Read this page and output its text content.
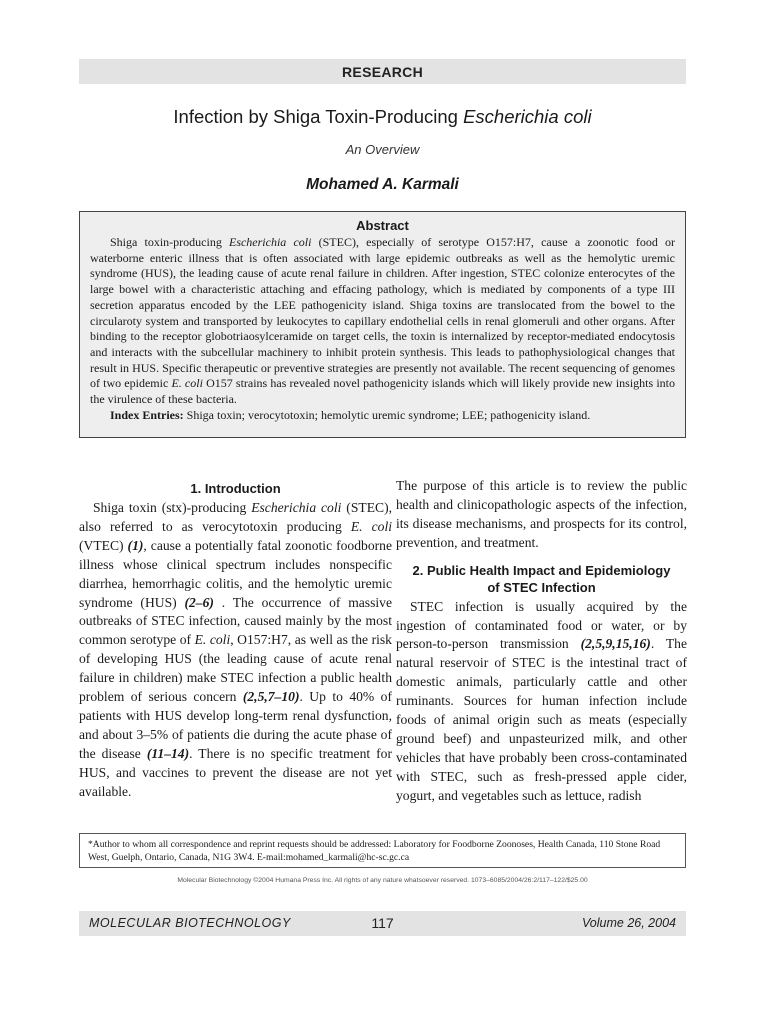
RESEARCH
Infection by Shiga Toxin-Producing Escherichia coli
An Overview
Mohamed A. Karmali
Abstract

Shiga toxin-producing Escherichia coli (STEC), especially of serotype O157:H7, cause a zoonotic food or waterborne enteric illness that is often associated with large epidemic outbreaks as well as the hemolytic uremic syndrome (HUS), the leading cause of acute renal failure in children. After ingestion, STEC colonize enterocytes of the large bowel with a characteristic attaching and effacing pathology, which is mediated by components of a type III secretion apparatus encoded by the LEE pathogenicity island. Shiga toxins are translocated from the bowel to the circularoty system and transported by leukocytes to capillary endothelial cells in renal glomeruli and other organs. After binding to the receptor globotriaosylceramide on target cells, the toxin is internalized by receptor-mediated endocytosis and interacts with the subcellular machinery to inhibit protein synthesis. This leads to pathophysiological changes that result in HUS. Specific therapeutic or preventive strategies are presently not available. The recent sequencing of genomes of two epidemic E. coli O157 strains has revealed novel pathogenicity islands which will likely provide new insights into the virulence of these bacteria.

Index Entries: Shiga toxin; verocytotoxin; hemolytic uremic syndrome; LEE; pathogenicity island.

1. Introduction

Shiga toxin (stx)-producing Escherichia coli (STEC), also referred to as verocytotoxin producing E. coli (VTEC) (1), cause a potentially fatal zoonotic foodborne illness whose clinical spectrum includes nonspecific diarrhea, hemorrhagic colitis, and the hemolytic uremic syndrome (HUS) (2–6) . The occurrence of massive outbreaks of STEC infection, caused mainly by the most common serotype of E. coli, O157:H7, as well as the risk of developing HUS (the leading cause of acute renal failure in children) make STEC infection a public health problem of serious concern (2,5,7–10). Up to 40% of patients with HUS develop long-term renal dysfunction, and about 3–5% of patients die during the acute phase of the disease (11–14). There is no specific treatment for HUS, and vaccines to prevent the disease are not yet available.

The purpose of this article is to review the public health and clinicopathologic aspects of the infection, its disease mechanisms, and prospects for its control, prevention, and treatment.

2. Public Health Impact and Epidemiology
of STEC Infection

STEC infection is usually acquired by the ingestion of contaminated food or water, or by person-to-person transmission (2,5,9,15,16). The natural reservoir of STEC is the intestinal tract of domestic animals, particularly cattle and other ruminants. Sources for human infection include foods of animal origin such as meats (especially ground beef) and unpasteurized milk, and other vehicles that have probably been cross-contaminated with STEC, such as fresh-pressed apple cider, yogurt, and vegetables such as lettuce, radish

*Author to whom all correspondence and reprint requests should be addressed: Laboratory for Foodborne Zoonoses, Health Canada, 110 Stone Road West, Guelph, Ontario, Canada, N1G 3W4. E-mail:mohamed_karmali@hc-sc.gc.ca
Molecular Biotechnology ©2004 Humana Press Inc. All rights of any nature whatsoever reserved. 1073–6085/2004/26:2/117–122/$25.00
MOLECULAR BIOTECHNOLOGY	117	Volume 26, 2004
